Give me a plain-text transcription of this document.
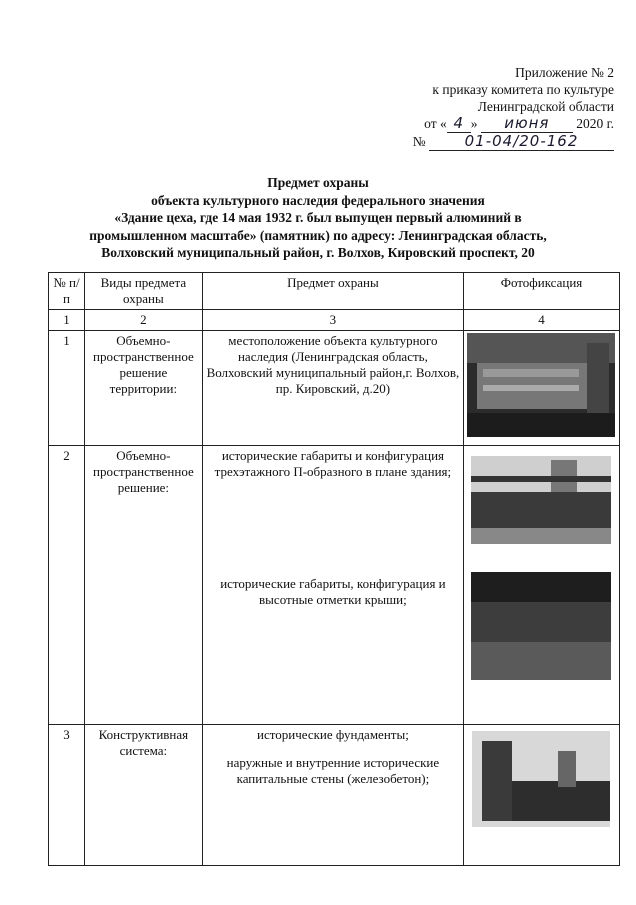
Приложение № 2
к приказу комитета по культуре
Ленинградской области
от « 4 » июня 2020 г.
№	01-04/20-162
Предмет охраны
объекта культурного наследия федерального значения
«Здание цеха, где 14 мая 1932 г. был выпущен первый алюминий в
промышленном масштабе» (памятник) по адресу: Ленинградская область,
Волховский муниципальный район, г. Волхов, Кировский проспект, 20
№ п/п	Виды предмета охраны	Предмет охраны	Фотофиксация
1	2	3	4
1	Объемно-пространственное решение территории:	местоположение объекта культурного наследия (Ленинградская область, Волховский муниципальный район,г. Волхов, пр. Кировский, д.20)	

2	Объемно-пространственное решение:	исторические габариты и конфигурация трехэтажного П-образного в плане здания;
исторические габариты, конфигурация и высотные отметки крыши;

3	Конструктивная система:	исторические фундаменты;
наружные и внутренние исторические капитальные стены (железобетон);
